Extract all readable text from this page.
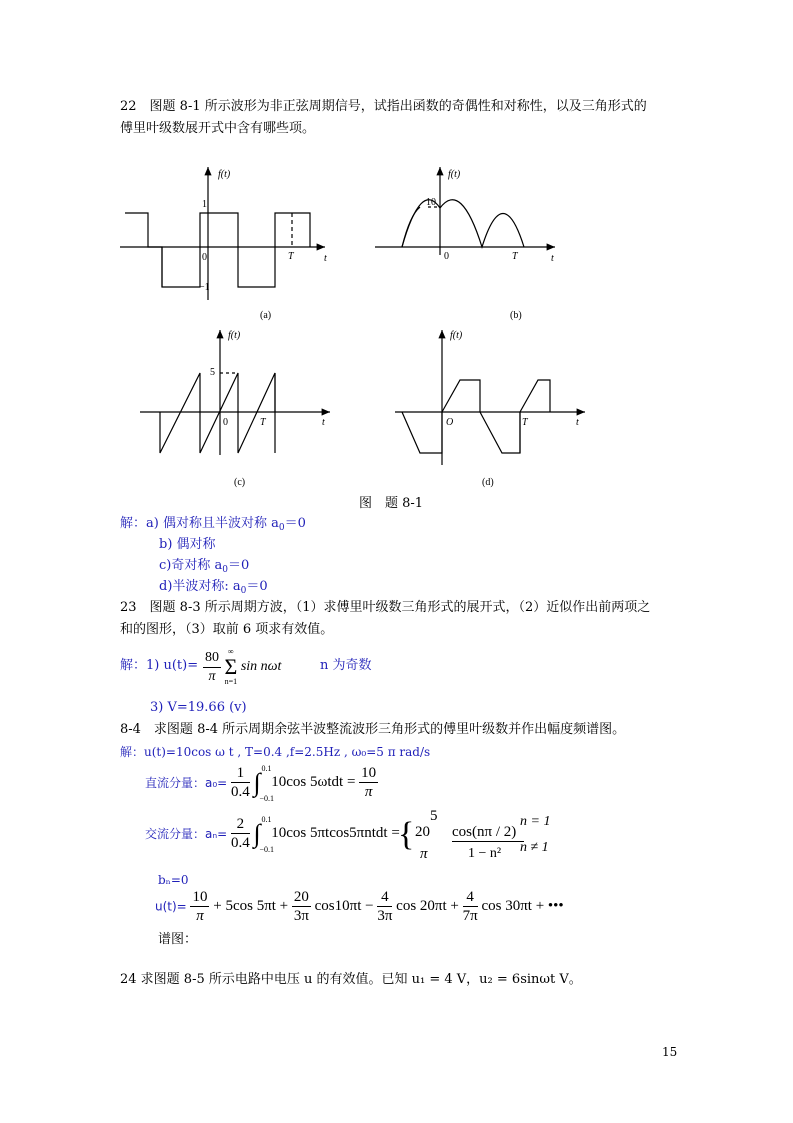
22　图题 8-1 所示波形为非正弦周期信号，试指出函数的奇偶性和对称性，以及三角形式的
傅里叶级数展开式中含有哪些项。
f(t)
1
0
−1
T	t
(a)
f(t)
10
0	T	t
(b)
f(t)
5
0	T	t
(c)
f(t)
O	T	t
(d)
图　题 8-1
解：a) 偶对称且半波对称 $a_0=0$
b) 偶对称
c)奇对称 $a_0=0$
d)半波对称: $a_0=0$
23　图题 8-3 所示周期方波，（1）求傅里叶级数三角形式的展开式，（2）近似作出前两项之
和的图形，（3）取前 6 项求有效值。
解：1) $u(t)= \frac{80}{\pi}$
∞
Σ
n=1
sin nωt	n 为奇数
3) V=19.66 (v)
8-4　求图题 8-4 所示周期余弦半波整流波形三角形式的傅里叶级数并作出幅度频谱图。
解：u(t)=10cos ω t , T=0.4 ,f=2.5Hz , ω₀=5 π rad/s
直流分量：$a_0= \frac{1}{0.4}$ ∫ 0.1
−0.1
10cos $5\omega tdt = \frac{10}{\pi}$
交流分量：$a_n= \frac{2}{0.4}$ ∫ 0.1
−0.1
10cos 5πtcos5πntdt =
{ 5	n = 1
20 cos(nπ / 2)
π	1 − n² n ≠ 1
bₙ=0
$u(t)= \frac{10}{\pi} + 5\cos$ $5\pi t + \frac{20}{3\pi} \cos 10\pi t - \frac{4}{3\pi}$ $\cos 20\pi t + \frac{4}{7\pi}$ cos 30πt + •••
谱图：
24 求图题 8-5 所示电路中电压 u 的有效值。已知 u₁ = 4 V，u₂ = 6sinωt V。
15
